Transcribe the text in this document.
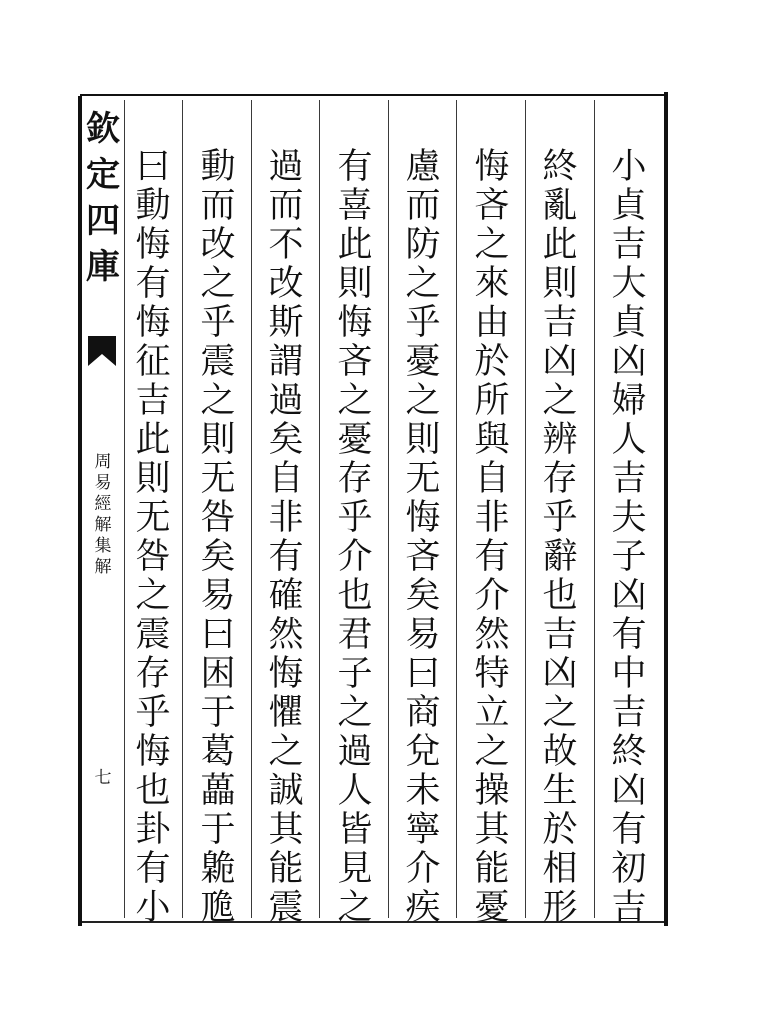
欽
定
四
庫
周
易
經
解
集
解
七
小
貞
吉
大
貞
凶
婦
人
吉
夫
子
凶
有
中
吉
終
凶
有
初
吉
終
亂
此
則
吉
凶
之
辨
存
乎
辭
也
吉
凶
之
故
生
於
相
形
悔
吝
之
來
由
於
所
與
自
非
有
介
然
特
立
之
操
其
能
憂
慮
而
防
之
乎
憂
之
則
无
悔
吝
矣
易
曰
商
兌
未
寧
介
疾
有
喜
此
則
悔
吝
之
憂
存
乎
介
也
君
子
之
過
人
皆
見
之
過
而
不
改
斯
謂
過
矣
自
非
有
確
然
悔
懼
之
誠
其
能
震
動
而
改
之
乎
震
之
則
无
咎
矣
易
曰
困
于
葛
藟
于
臲
卼
曰
動
悔
有
悔
征
吉
此
則
无
咎
之
震
存
乎
悔
也
卦
有
小
